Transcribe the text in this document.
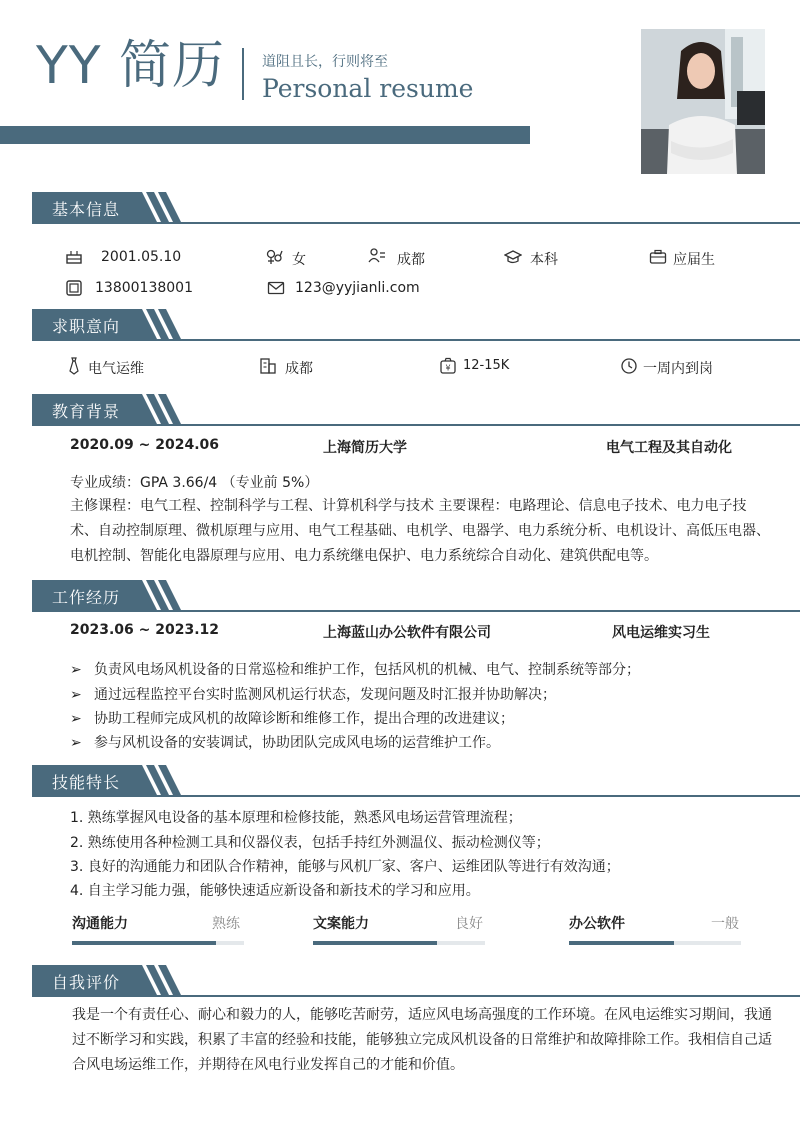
YY 简历	道阻且长，行则将至
Personal resume
基本信息
2001.05.10	女	成都	本科	应届生
13800138001	123@yyjianli.com
求职意向
电气运维	成都	¥ 12-15K	一周内到岗
教育背景
2020.09 ~ 2024.06	上海简历大学	电气工程及其自动化
专业成绩：GPA 3.66/4 （专业前 5%）
主修课程：电气工程、控制科学与工程、计算机科学与技术 主要课程：电路理论、信息电子技术、电力电子技术、自动控制原理、微机原理与应用、电气工程基础、电机学、电器学、电力系统分析、电机设计、高低压电器、电机控制、智能化电器原理与应用、电力系统继电保护、电力系统综合自动化、建筑供配电等。
工作经历
2023.06 ~ 2023.12	上海蓝山办公软件有限公司	风电运维实习生
➢ 负责风电场风机设备的日常巡检和维护工作，包括风机的机械、电气、控制系统等部分；
➢ 通过远程监控平台实时监测风机运行状态，发现问题及时汇报并协助解决；
➢ 协助工程师完成风机的故障诊断和维修工作，提出合理的改进建议；
➢ 参与风机设备的安装调试，协助团队完成风电场的运营维护工作。
技能特长
1. 熟练掌握风电设备的基本原理和检修技能，熟悉风电场运营管理流程；
2. 熟练使用各种检测工具和仪器仪表，包括手持红外测温仪、振动检测仪等；
3. 良好的沟通能力和团队合作精神，能够与风机厂家、客户、运维团队等进行有效沟通；
4. 自主学习能力强，能够快速适应新设备和新技术的学习和应用。
沟通能力	熟练	文案能力	良好	办公软件	一般
自我评价
我是一个有责任心、耐心和毅力的人，能够吃苦耐劳，适应风电场高强度的工作环境。在风电运维实习期间，我通过不断学习和实践，积累了丰富的经验和技能，能够独立完成风机设备的日常维护和故障排除工作。我相信自己适合风电场运维工作，并期待在风电行业发挥自己的才能和价值。
